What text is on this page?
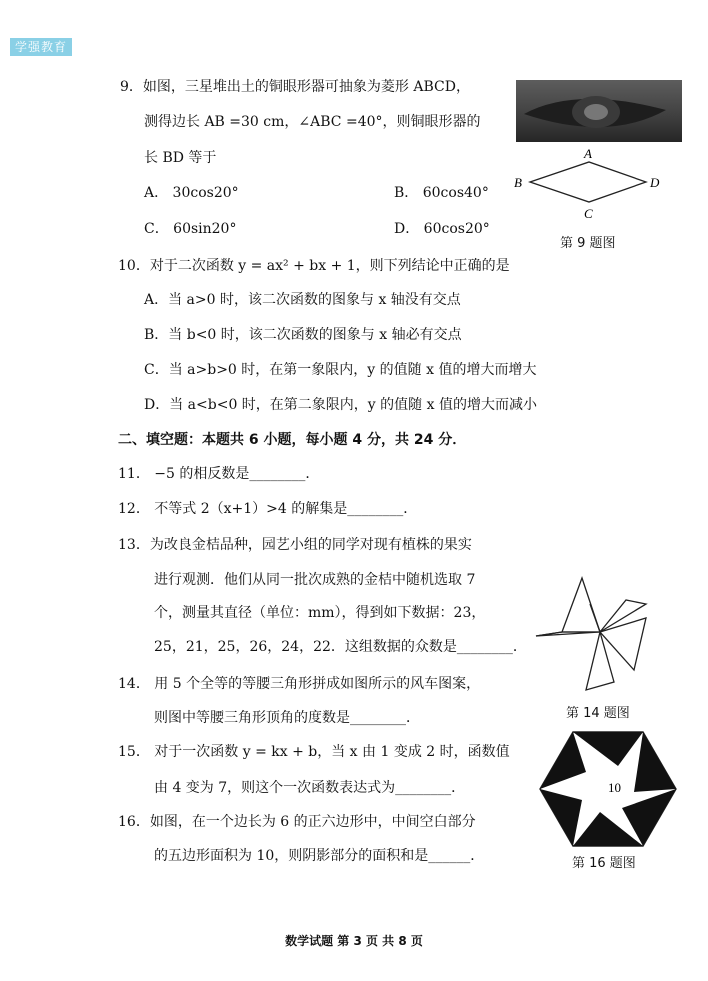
学强教育
9．如图，三星堆出土的铜眼形器可抽象为菱形 ABCD，
测得边长 AB =30 cm，∠ABC =40°，则铜眼形器的
长 BD 等于
A． 30cos20°	B． 60cos40°
C． 60sin20°	D． 60cos20°
A
B	D
C
第 9 题图
10．对于二次函数 y = ax² + bx + 1，则下列结论中正确的是
A．当 a>0 时，该二次函数的图象与 x 轴没有交点
B．当 b<0 时，该二次函数的图象与 x 轴必有交点
C．当 a>b>0 时，在第一象限内，y 的值随 x 值的增大而增大
D．当 a<b<0 时，在第二象限内，y 的值随 x 值的增大而减小
二、填空题：本题共 6 小题，每小题 4 分，共 24 分．
11． −5 的相反数是________．
12． 不等式 2（x+1）>4 的解集是________．
13．为改良金桔品种，园艺小组的同学对现有植株的果实
进行观测．他们从同一批次成熟的金桔中随机选取 7
个，测量其直径（单位：mm），得到如下数据：23，
25，21，25，26，24，22．这组数据的众数是________．
第 14 题图
14． 用 5 个全等的等腰三角形拼成如图所示的风车图案，
则图中等腰三角形顶角的度数是________．
15． 对于一次函数 y = kx + b，当 x 由 1 变成 2 时，函数值
由 4 变为 7，则这个一次函数表达式为________．
16．如图，在一个边长为 6 的正六边形中，中间空白部分
的五边形面积为 10，则阴影部分的面积和是______．
10
第 16 题图
数学试题 第 3 页 共 8 页
